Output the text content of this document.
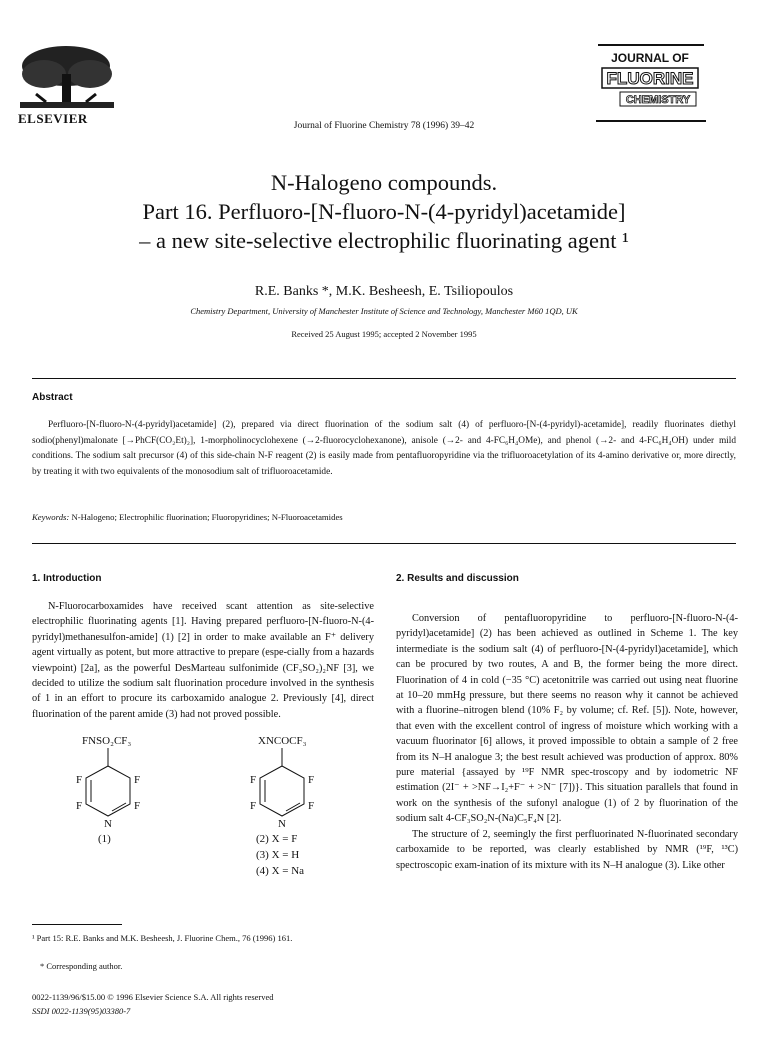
ELSEVIER	Journal of Fluorine Chemistry 78 (1996) 39–42
JOURNAL OF
FLUORINE
CHEMISTRY
N-Halogeno compounds.
Part 16. Perfluoro-[N-fluoro-N-(4-pyridyl)acetamide]
– a new site-selective electrophilic fluorinating agent ¹
R.E. Banks *, M.K. Besheesh, E. Tsiliopoulos
Chemistry Department, University of Manchester Institute of Science and Technology, Manchester M60 1QD, UK
Received 25 August 1995; accepted 2 November 1995
Abstract
Perfluoro-[N-fluoro-N-(4-pyridyl)acetamide] (2), prepared via direct fluorination of the sodium salt (4) of perfluoro-[N-(4-pyridyl)-acetamide], readily fluorinates diethyl sodio(phenyl)malonate [→PhCF(CO₂Et)₂], 1-morpholinocyclohexene (→2-fluorocyclohexanone), anisole (→2- and 4-FC₆H₄OMe), and phenol (→2- and 4-FC₆H₄OH) under mild conditions. The sodium salt precursor (4) of this side-chain N-F reagent (2) is easily made from pentafluoropyridine via the trifluoroacetylation of its 4-amino derivative or, more directly, by treating it with two equivalents of the monosodium salt of trifluoroacetamide.
Keywords: N-Halogeno; Electrophilic fluorination; Fluoropyridines; N-Fluoroacetamides
1. Introduction

N-Fluorocarboxamides have received scant attention as site-selective electrophilic fluorinating agents [1]. Having prepared perfluoro-[N-fluoro-N-(4-pyridyl)methanesulfon-amide] (1) [2] in order to make available an F⁺ delivery agent virtually as potent, but more attractive to prepare (espe-cially from a hazards viewpoint) [2a], as the powerful DesMarteau sulfonimide (CF₃SO₂)₂NF [3], we decided to utilize the sodium salt fluorination procedure involved in the synthesis of 1 in an effort to procure its carboxamido analogue 2. Previously [4], direct fluorination of the parent amide (3) had not proved possible.

FNSO₂CF₃
F	F
F	F
N
(1)
XNCOCF₃
F	F
F	F
N
(2) X = F
(3) X = H
(4) X = Na
¹ Part 15: R.E. Banks and M.K. Besheesh, J. Fluorine Chem., 76 (1996) 161.
* Corresponding author.
0022-1139/96/$15.00 © 1996 Elsevier Science S.A. All rights reserved
SSDI 0022-1139(95)03380-7
2. Results and discussion

Conversion of pentafluoropyridine to perfluoro-[N-fluoro-N-(4-pyridyl)acetamide] (2) has been achieved as outlined in Scheme 1. The key intermediate is the sodium salt (4) of perfluoro-[N-(4-pyridyl)acetamide], which can be procured by two routes, A and B, the former being the more direct. Fluorination of 4 in cold (−35 °C) acetonitrile was carried out using neat fluorine at 10–20 mmHg pressure, but there seems no reason why it cannot be achieved with a fluorine–nitrogen blend (10% F₂ by volume; cf. Ref. [5]). Note, however, that even with the excellent control of ingress of moisture which working with a vacuum fluorinator [6] allows, it proved impossible to obtain a sample of 2 free from its N–H analogue 3; the best result achieved was production of approx. 80% pure material {assayed by ¹⁹F NMR spec-troscopy and by iodometric NF estimation (2I⁻ + >NF→I₂+F⁻ + >N⁻ [7])}. This situation parallels that found in work on the synthesis of the sufonyl analogue (1) of 2 by fluorination of the sodium salt 4-CF₃SO₂N-(Na)C₅F₄N [2].

The structure of 2, seemingly the first perfluorinated N-fluorinated secondary carboxamide to be reported, was clearly established by NMR (¹⁹F, ¹³C) spectroscopic exam-ination of its mixture with its N–H analogue (3). Like other
